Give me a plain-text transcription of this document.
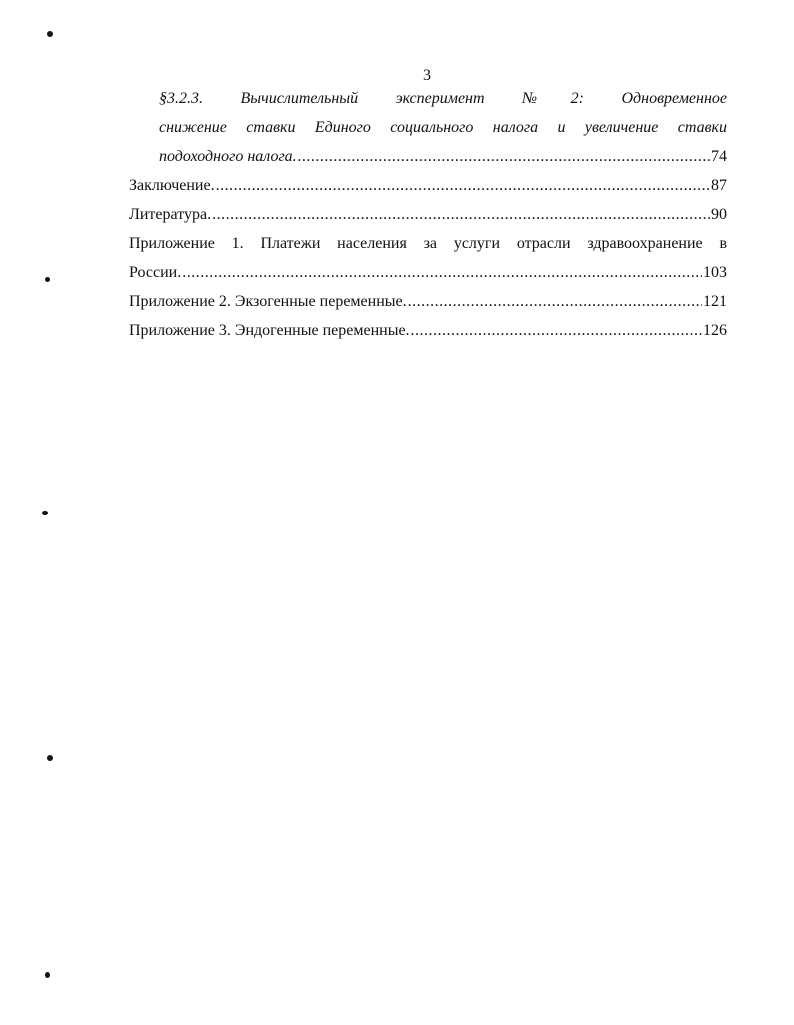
3
§3.2.3. Вычислительный эксперимент №2: Одновременное
снижение ставки Единого социального налога и увеличение ставки
подоходного налога. .....	74
Заключение. .....	87
Литература. .....	90
Приложение 1. Платежи населения за услуги отрасли здравоохранение в
России. .....	103
Приложение 2. Экзогенные переменные. .....	121
Приложение 3. Эндогенные переменные. .....	126
